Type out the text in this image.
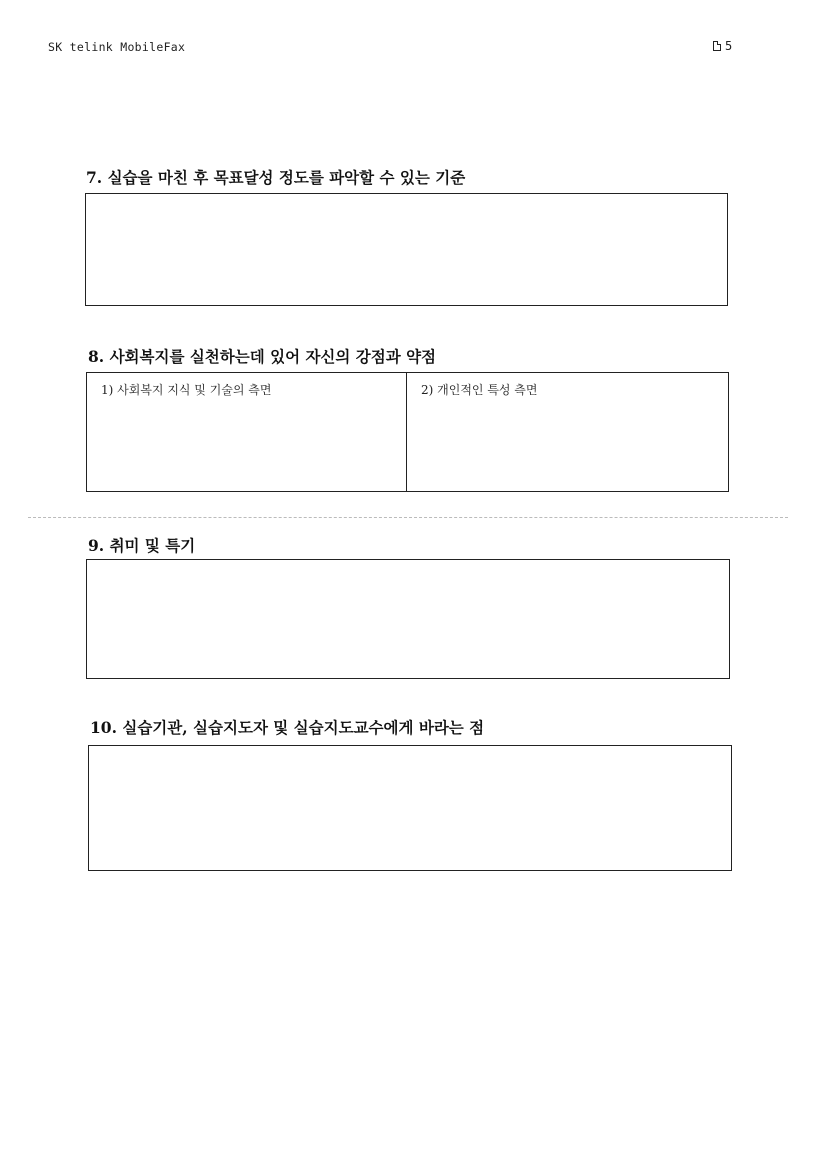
SK telink MobileFax	5
7. 실습을 마친 후 목표달성 정도를 파악할 수 있는 기준
8. 사회복지를 실천하는데 있어 자신의 강점과 약점
1) 사회복지 지식 및 기술의 측면	2) 개인적인 특성 측면
9. 취미 및 특기
10. 실습기관, 실습지도자 및 실습지도교수에게 바라는 점
